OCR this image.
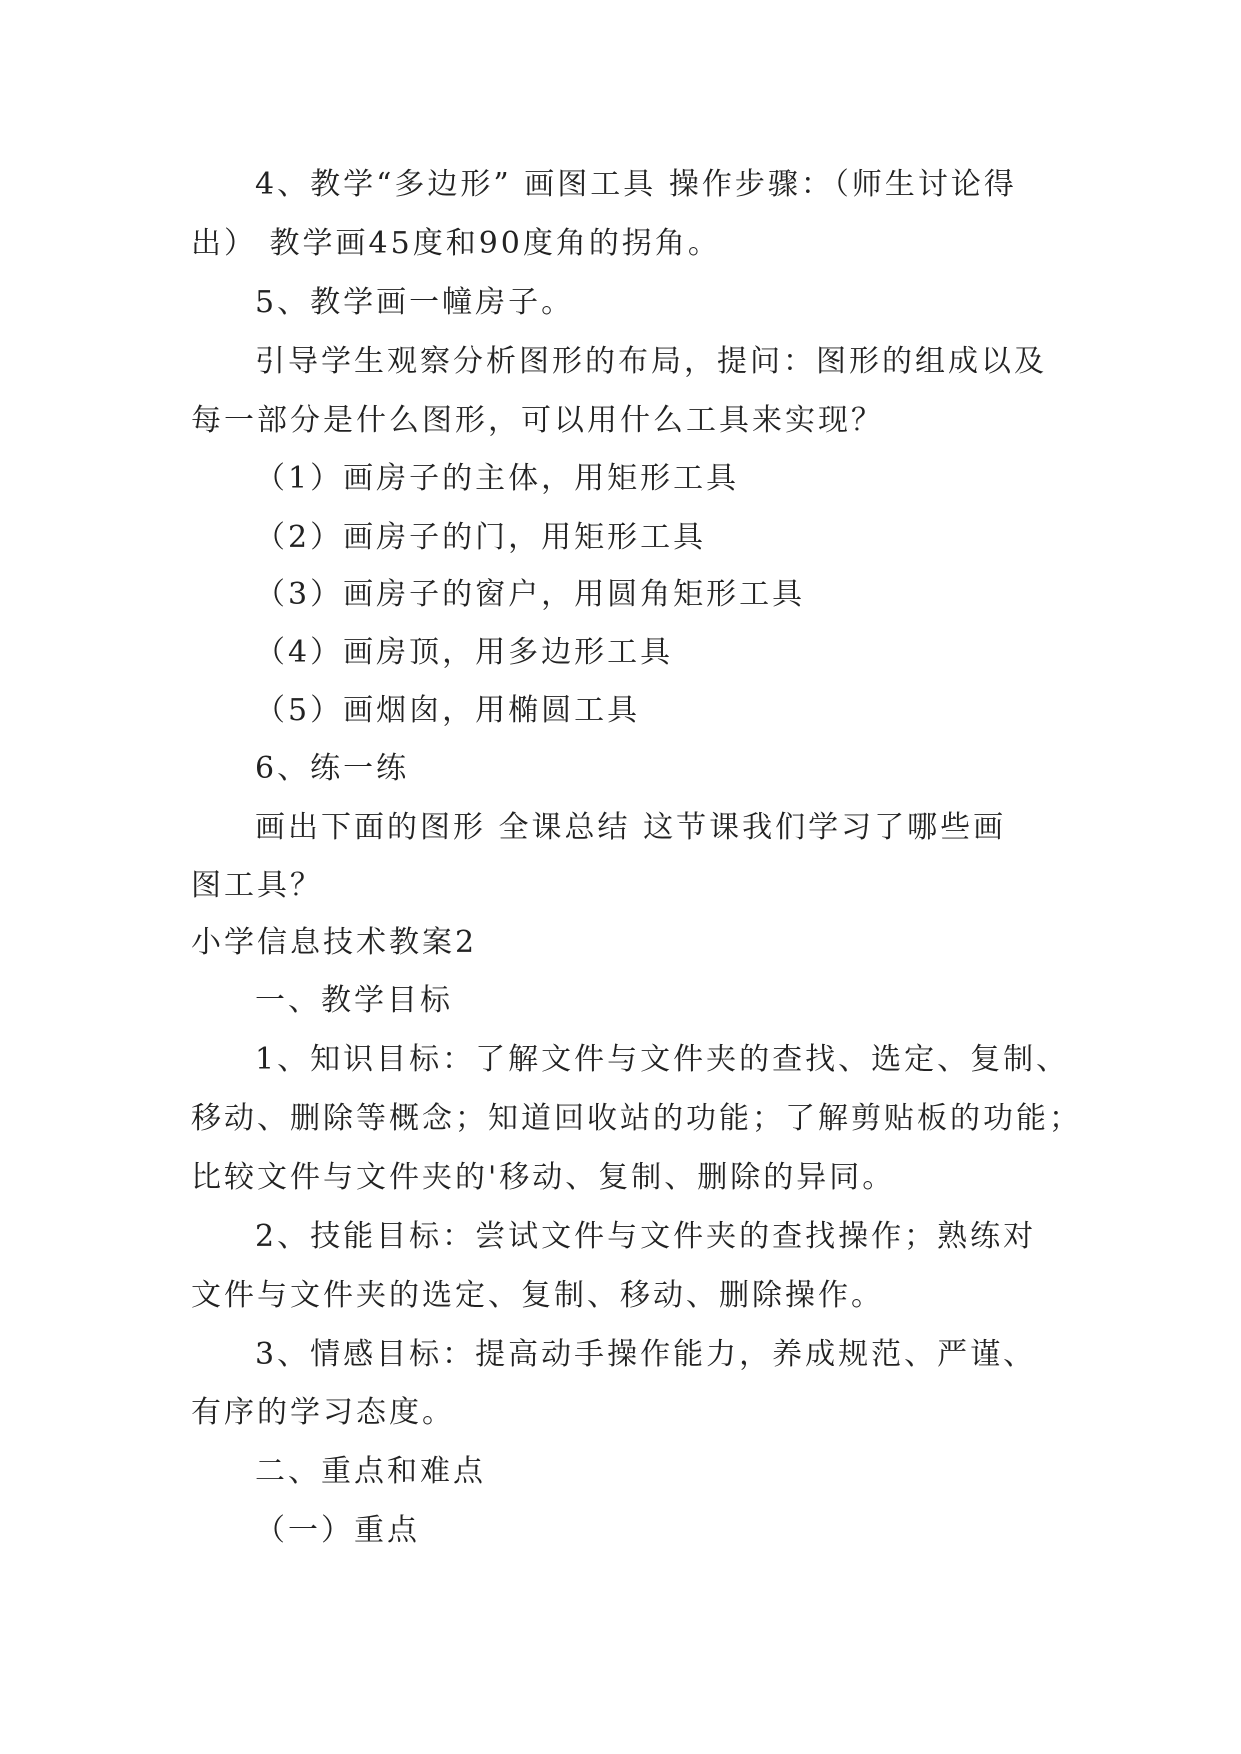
4、教学“多边形” 画图工具 操作步骤：（师生讨论得
出） 教学画45度和90度角的拐角。
5、教学画一幢房子。
引导学生观察分析图形的布局，提问：图形的组成以及
每一部分是什么图形，可以用什么工具来实现？
（1）画房子的主体，用矩形工具
（2）画房子的门，用矩形工具
（3）画房子的窗户，用圆角矩形工具
（4）画房顶，用多边形工具
（5）画烟囱，用椭圆工具
6、练一练
画出下面的图形 全课总结 这节课我们学习了哪些画
图工具？
小学信息技术教案2
一、教学目标
1、知识目标：了解文件与文件夹的查找、选定、复制、
移动、删除等概念；知道回收站的功能；了解剪贴板的功能；
比较文件与文件夹的'移动、复制、删除的异同。
2、技能目标：尝试文件与文件夹的查找操作；熟练对
文件与文件夹的选定、复制、移动、删除操作。
3、情感目标：提高动手操作能力，养成规范、严谨、
有序的学习态度。
二、重点和难点
（一）重点
